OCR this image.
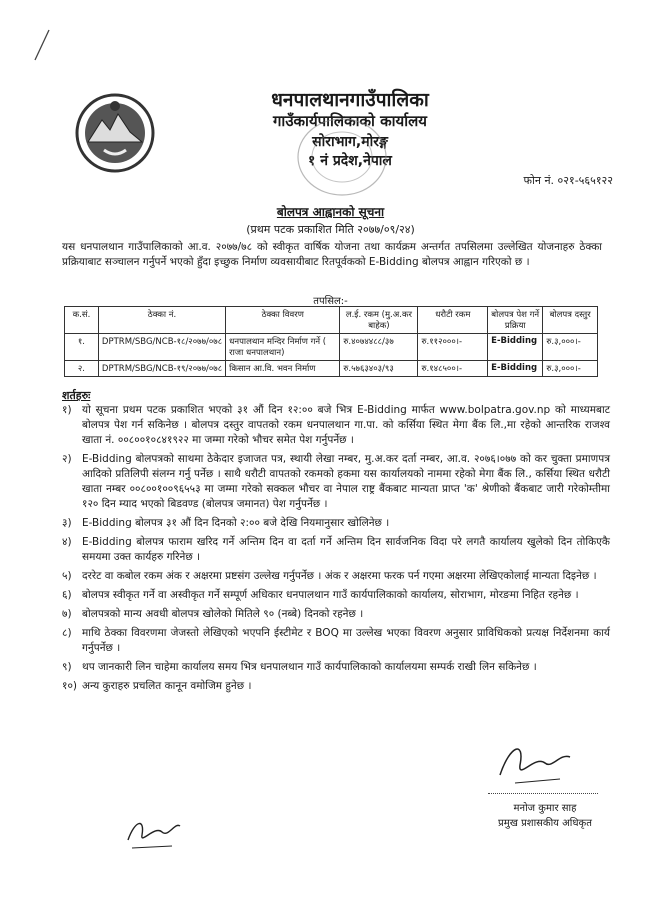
धनपालथानगाउँपालिका
गाउँकार्यपालिकाको कार्यालय
सोराभाग,मोरङ्ग
१ नं प्रदेश,नेपाल
फोन नं. ०२१-५६५१२२
बोलपत्र आह्वानको सूचना
(प्रथम पटक प्रकाशित मिति २०७७/०९/२४)
यस धनपालथान गाउँपालिकाको आ.व. २०७७/७८ को स्वीकृत वार्षिक योजना तथा कार्यक्रम अन्तर्गत तपसिलमा उल्लेखित योजनाहरु ठेक्का प्रक्रियाबाट सञ्चालन गर्नुपर्ने भएको हुँदा इच्छुक निर्माण व्यवसायीबाट रितपूर्वकको E-Bidding बोलपत्र आह्वान गरिएको छ ।
तपसिल:-
क.सं.	ठेक्का नं.	ठेक्का विवरण	ल.ई. रकम (मु.अ.कर बाहेक)	धरौटी रकम	बोलपत्र पेश गर्ने प्रक्रिया	बोलपत्र दस्तुर
१.	DPTRM/SBG/NCB-१८/२०७७/०७८	धनपालथान मन्दिर निर्माण गर्ने ( राजा धनपालथान)	रु.४०७४४८८/३७	रु.११२०००।-	E-Bidding	रु.३,०००।-
२.	DPTRM/SBG/NCB-१९/२०७७/०७८	किसान आ.वि. भवन निर्माण	रु.५७६३४०३/९३	रु.१४८५००।-	E-Bidding	रु.३,०००।-
शर्तहरुः
१) यो सूचना प्रथम पटक प्रकाशित भएको ३१ औं दिन १२:०० बजे भित्र E-Bidding मार्फत www.bolpatra.gov.np को माध्यमबाट बोलपत्र पेश गर्न सकिनेछ । बोलपत्र दस्तुर वापतको रकम धनपालथान गा.पा. को कर्सिया स्थित मेगा बैंक लि.,मा रहेको आन्तरिक राजश्व खाता नं. ००८००१०८४१९२२ मा जम्मा गरेको भौचर समेत पेश गर्नुपर्नेछ ।
२) E-Bidding बोलपत्रको साथमा ठेकेदार इजाजत पत्र, स्थायी लेखा नम्बर, मु.अ.कर दर्ता नम्बर, आ.व. २०७६।०७७ को कर चुक्ता प्रमाणपत्र आदिको प्रतिलिपी संलग्न गर्नु पर्नेछ । साथै धरौटी वापतको रकमको हकमा यस कार्यालयको नाममा रहेको मेगा बैंक लि., कर्सिया स्थित धरौटी खाता नम्बर ००८००१००९६५५३ मा जम्मा गरेको सक्कल भौचर वा नेपाल राष्ट्र बैंकबाट मान्यता प्राप्त 'क' श्रेणीको बैंकबाट जारी गरेकोम्तीमा १२० दिन म्याद भएको बिडवण्ड (बोलपत्र जमानत) पेश गर्नुपर्नेछ ।
३) E-Bidding बोलपत्र ३१ औं दिन दिनको २:०० बजे देखि नियमानुसार खोलिनेछ ।
४) E-Bidding बोलपत्र फाराम खरिद गर्ने अन्तिम दिन वा दर्ता गर्ने अन्तिम दिन सार्वजनिक विदा परे लगतै कार्यालय खुलेको दिन तोकिएकै समयमा उक्त कार्यहरु गरिनेछ ।
५) दररेट वा कबोल रकम अंक र अक्षरमा प्रष्टसंग उल्लेख गर्नुपर्नेछ । अंक र अक्षरमा फरक पर्न गएमा अक्षरमा लेखिएकोलाई मान्यता दिइनेछ ।
६) बोलपत्र स्वीकृत गर्ने वा अस्वीकृत गर्ने सम्पूर्ण अधिकार धनपालथान गाउँ कार्यपालिकाको कार्यालय, सोराभाग, मोरङमा निहित रहनेछ ।
७) बोलपत्रको मान्य अवधी बोलपत्र खोलेको मितिले ९० (नब्बे) दिनको रहनेछ ।
८) माथि ठेक्का विवरणमा जेजस्तो लेखिएको भएपनि ईस्टीमेट र BOQ मा उल्लेख भएका विवरण अनुसार प्राविधिकको प्रत्यक्ष निर्देशनमा कार्य गर्नुपर्नेछ ।
९) थप जानकारी लिन चाहेमा कार्यालय समय भित्र धनपालथान गाउँ कार्यपालिकाको कार्यालयमा सम्पर्क राखी लिन सकिनेछ ।
१०) अन्य कुराहरु प्रचलित कानून वमोजिम हुनेछ ।
मनोज कुमार साह
प्रमुख प्रशासकीय अधिकृत
